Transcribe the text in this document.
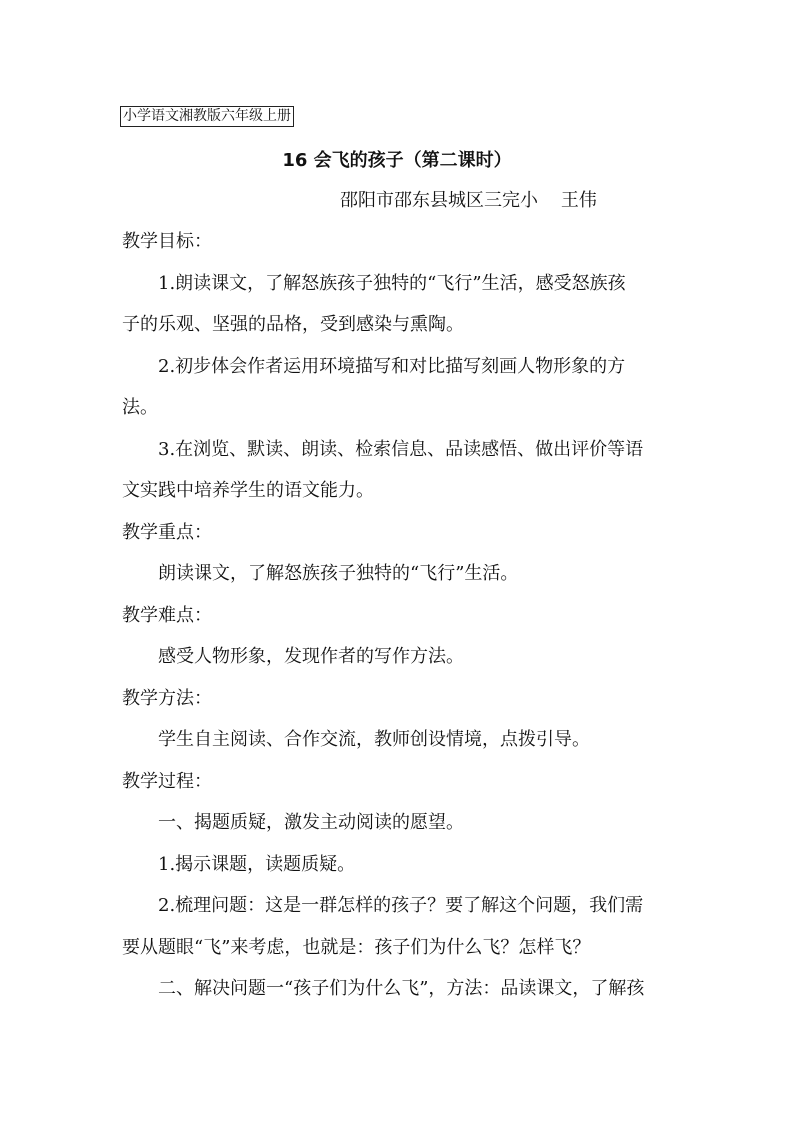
小学语文湘教版六年级上册
16 会飞的孩子（第二课时）
邵阳市邵东县城区三完小    王伟
教学目标：
1.朗读课文，了解怒族孩子独特的“飞行”生活，感受怒族孩
子的乐观、坚强的品格，受到感染与熏陶。
2.初步体会作者运用环境描写和对比描写刻画人物形象的方
法。
3.在浏览、默读、朗读、检索信息、品读感悟、做出评价等语
文实践中培养学生的语文能力。
教学重点：
朗读课文，了解怒族孩子独特的“飞行”生活。
教学难点：
感受人物形象，发现作者的写作方法。
教学方法：
学生自主阅读、合作交流，教师创设情境，点拨引导。
教学过程：
一、揭题质疑，激发主动阅读的愿望。
1.揭示课题，读题质疑。
2.梳理问题：这是一群怎样的孩子？要了解这个问题，我们需
要从题眼“飞”来考虑，也就是：孩子们为什么飞？怎样飞？
二、解决问题一“孩子们为什么飞”，方法：品读课文，了解孩
